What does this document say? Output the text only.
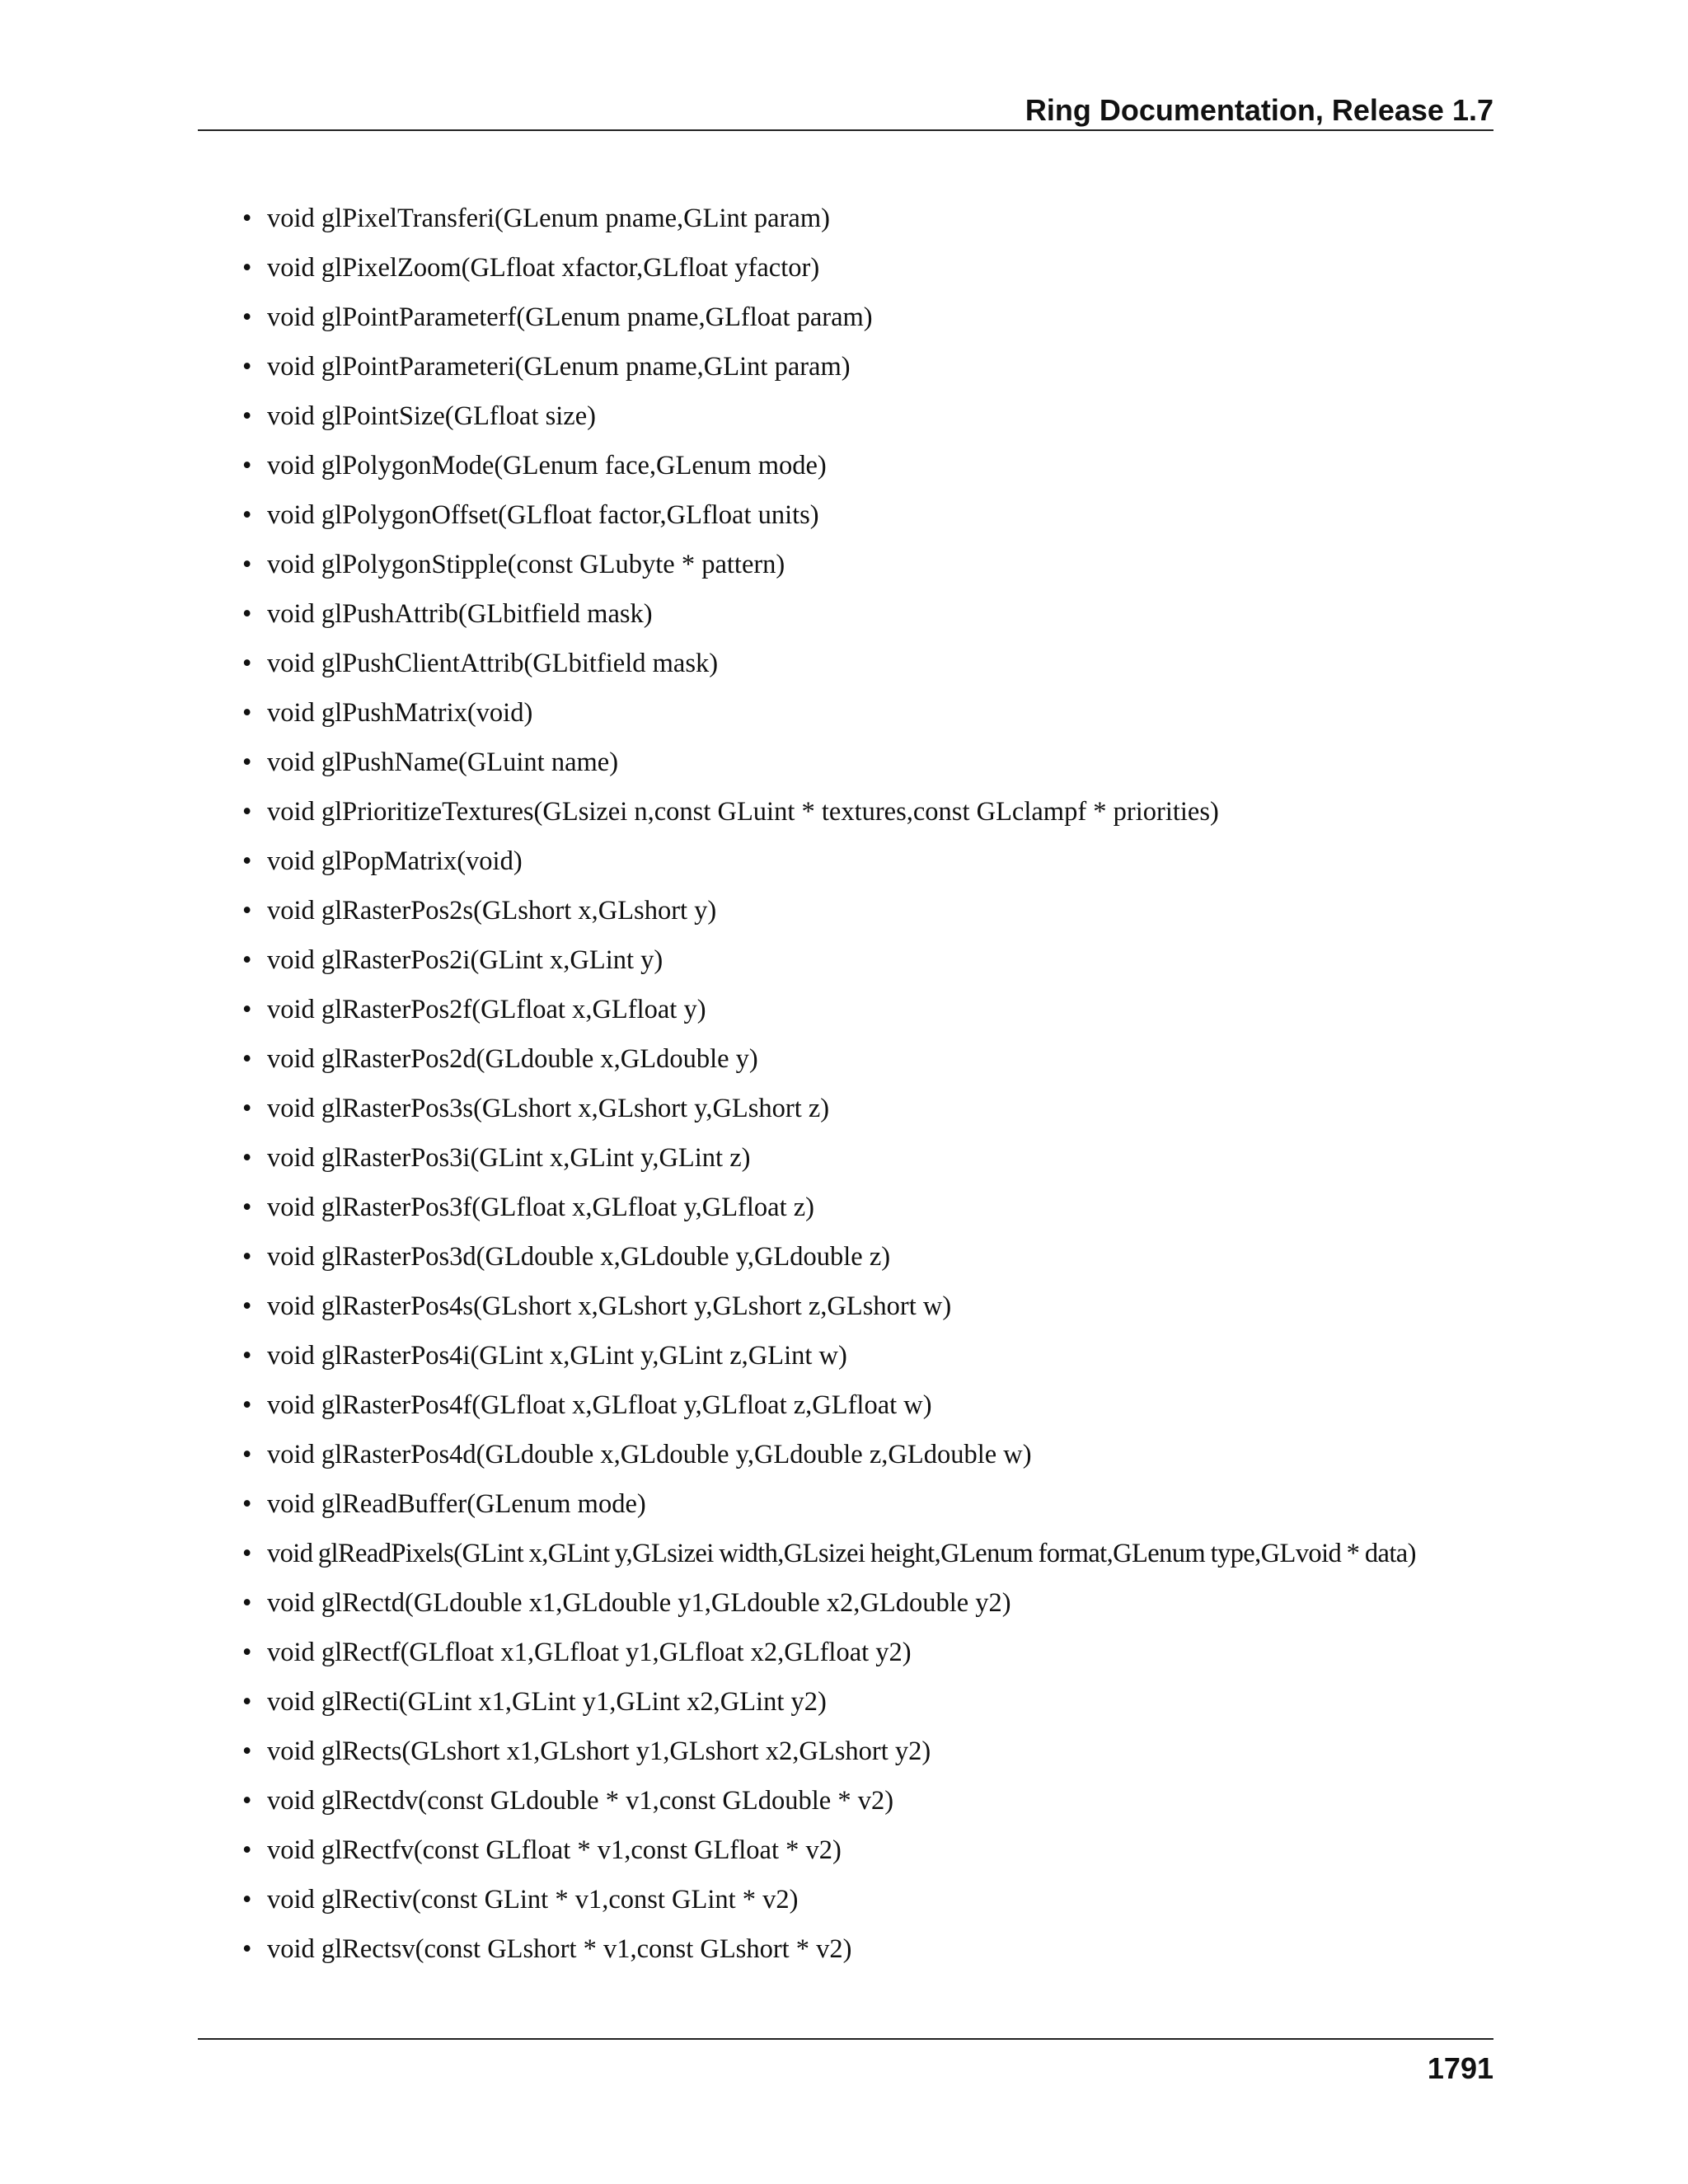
Ring Documentation, Release 1.7
• void glPixelTransferi(GLenum pname,GLint param)
• void glPixelZoom(GLfloat xfactor,GLfloat yfactor)
• void glPointParameterf(GLenum pname,GLfloat param)
• void glPointParameteri(GLenum pname,GLint param)
• void glPointSize(GLfloat size)
• void glPolygonMode(GLenum face,GLenum mode)
• void glPolygonOffset(GLfloat factor,GLfloat units)
• void glPolygonStipple(const GLubyte * pattern)
• void glPushAttrib(GLbitfield mask)
• void glPushClientAttrib(GLbitfield mask)
• void glPushMatrix(void)
• void glPushName(GLuint name)
• void glPrioritizeTextures(GLsizei n,const GLuint * textures,const GLclampf * priorities)
• void glPopMatrix(void)
• void glRasterPos2s(GLshort x,GLshort y)
• void glRasterPos2i(GLint x,GLint y)
• void glRasterPos2f(GLfloat x,GLfloat y)
• void glRasterPos2d(GLdouble x,GLdouble y)
• void glRasterPos3s(GLshort x,GLshort y,GLshort z)
• void glRasterPos3i(GLint x,GLint y,GLint z)
• void glRasterPos3f(GLfloat x,GLfloat y,GLfloat z)
• void glRasterPos3d(GLdouble x,GLdouble y,GLdouble z)
• void glRasterPos4s(GLshort x,GLshort y,GLshort z,GLshort w)
• void glRasterPos4i(GLint x,GLint y,GLint z,GLint w)
• void glRasterPos4f(GLfloat x,GLfloat y,GLfloat z,GLfloat w)
• void glRasterPos4d(GLdouble x,GLdouble y,GLdouble z,GLdouble w)
• void glReadBuffer(GLenum mode)
• void glReadPixels(GLint x,GLint y,GLsizei width,GLsizei height,GLenum format,GLenum type,GLvoid * data)
• void glRectd(GLdouble x1,GLdouble y1,GLdouble x2,GLdouble y2)
• void glRectf(GLfloat x1,GLfloat y1,GLfloat x2,GLfloat y2)
• void glRecti(GLint x1,GLint y1,GLint x2,GLint y2)
• void glRects(GLshort x1,GLshort y1,GLshort x2,GLshort y2)
• void glRectdv(const GLdouble * v1,const GLdouble * v2)
• void glRectfv(const GLfloat * v1,const GLfloat * v2)
• void glRectiv(const GLint * v1,const GLint * v2)
• void glRectsv(const GLshort * v1,const GLshort * v2)
1791
